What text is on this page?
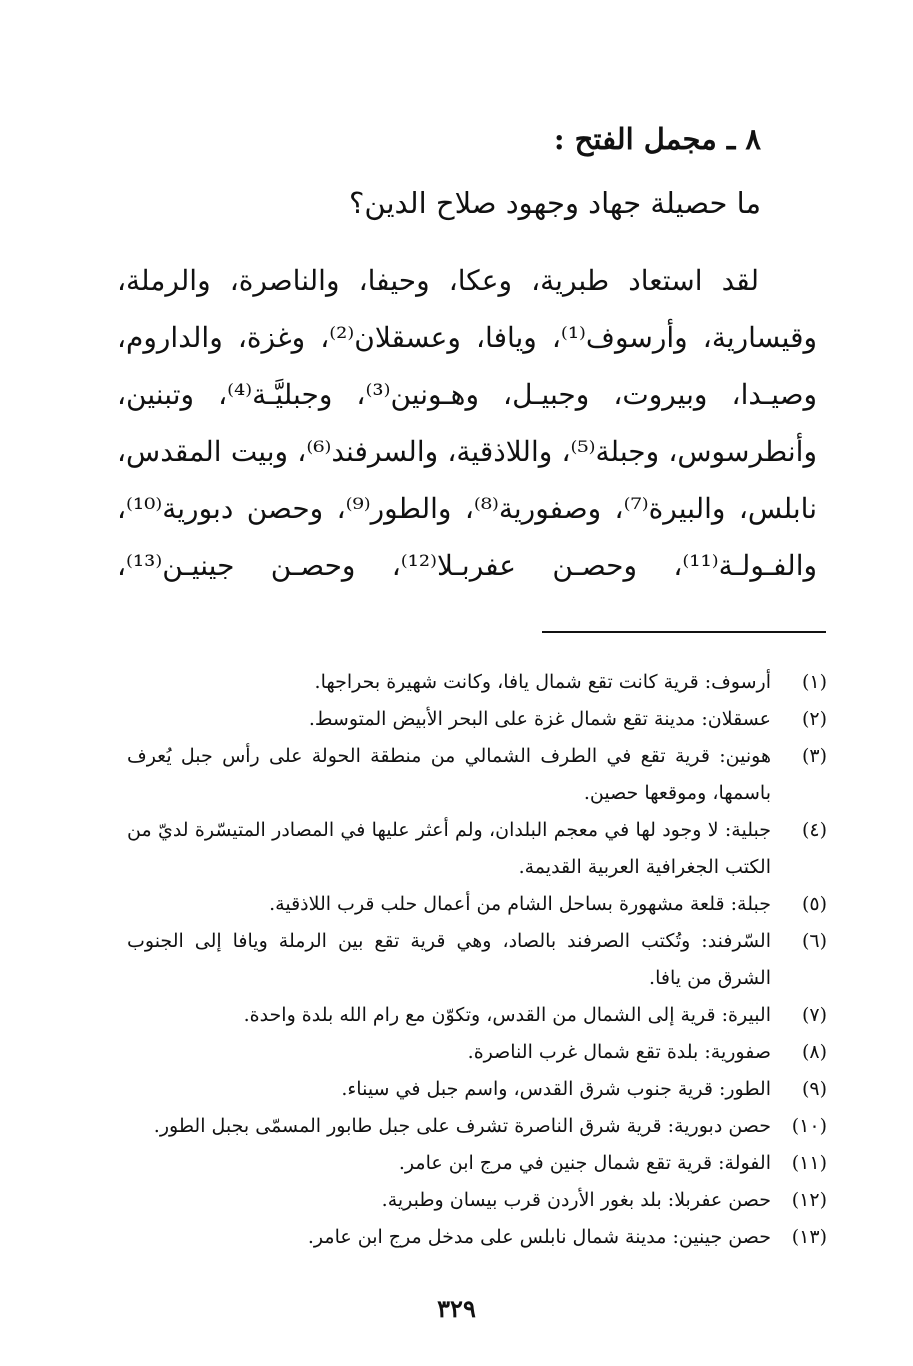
٨ ـ مجمل الفتح :
ما حصيلة جهاد وجهود صلاح الدين؟
لقد استعاد طبرية، وعكا، وحيفا، والناصرة، والرملة،
وقيسارية، وأرسوف⁽¹⁾، ويافا، وعسقلان⁽²⁾، وغزة، والداروم،
وصيـدا، وبيروت، وجبيـل، وهـونين⁽³⁾، وجبليَّـة⁽⁴⁾، وتبنين،
وأنطرسوس، وجبلة⁽⁵⁾، واللاذقية، والسرفند⁽⁶⁾، وبيت المقدس،
نابلس، والبيرة⁽⁷⁾، وصفورية⁽⁸⁾، والطور⁽⁹⁾، وحصن دبورية⁽¹⁰⁾،
والفـولـة⁽¹¹⁾، وحصـن عفربـلا⁽¹²⁾، وحصـن جينيـن⁽¹³⁾،
(١)
أرسوف: قرية كانت تقع شمال يافا، وكانت شهيرة بحراجها.
(٢)
عسقلان: مدينة تقع شمال غزة على البحر الأبيض المتوسط.
(٣)
هونين: قرية تقع في الطرف الشمالي من منطقة الحولة على رأس جبل يُعرف
باسمها، وموقعها حصين.
(٤)
جبلية: لا وجود لها في معجم البلدان، ولم أعثر عليها في المصادر المتيسّرة لديّ من
الكتب الجغرافية العربية القديمة.
(٥)
جبلة: قلعة مشهورة بساحل الشام من أعمال حلب قرب اللاذقية.
(٦)
السّرفند: وتُكتب الصرفند بالصاد، وهي قرية تقع بين الرملة ويافا إلى الجنوب
الشرق من يافا.
(٧)
البيرة: قرية إلى الشمال من القدس، وتكوّن مع رام الله بلدة واحدة.
(٨)
صفورية: بلدة تقع شمال غرب الناصرة.
(٩)
الطور: قرية جنوب شرق القدس، واسم جبل في سيناء.
(١٠)
حصن دبورية: قرية شرق الناصرة تشرف على جبل طابور المسمّى بجبل الطور.
(١١)
الفولة: قرية تقع شمال جنين في مرج ابن عامر.
(١٢)
حصن عفربلا: بلد بغور الأردن قرب بيسان وطبرية.
(١٣)
حصن جينين: مدينة شمال نابلس على مدخل مرج ابن عامر.
٣٢٩
